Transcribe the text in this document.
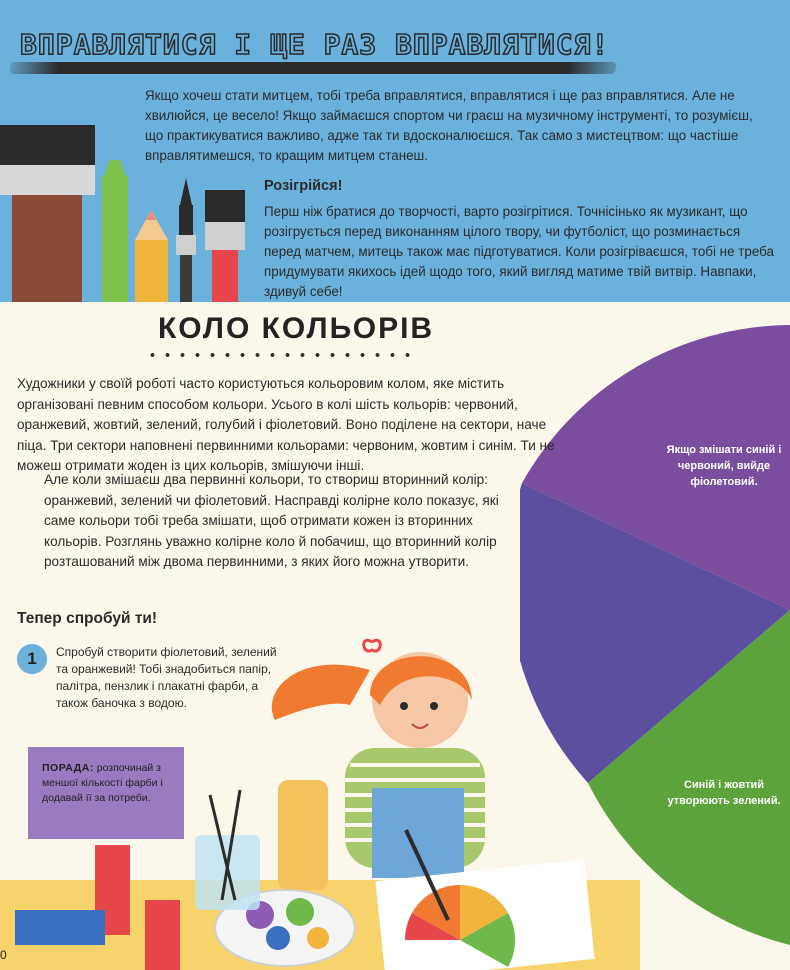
ВПРАВЛЯТИСЯ І ЩЕ РАЗ ВПРАВЛЯТИСЯ!

Якщо хочеш стати митцем, тобі треба вправлятися, вправлятися і ще раз вправлятися. Але не хвилюйся, це весело! Якщо займаєшся спортом чи граєш на музичному інструменті, то розумієш, що практикуватися важливо, адже так ти вдосконалюєшся. Так само з мистецтвом: що частіше вправлятимешся, то кращим митцем станеш.

Розігрійся!

Перш ніж братися до творчості, варто розігрітися. Точнісінько як музикант, що розігрується перед виконанням цілого твору, чи футболіст, що розминається перед матчем, митець також має підготуватися. Коли розігріваєшся, тобі не треба придумувати якихось ідей щодо того, який вигляд матиме твій витвір. Навпаки, здивуй себе!

Якщо змішати синій і червоний, вийде фіолетовий.
Синій і жовтий утворюють зелений.
КОЛО КОЛЬОРІВ

Художники у своїй роботі часто користуються кольоровим колом, яке містить організовані певним способом кольори. Усього в колі шість кольорів: червоний, оранжевий, жовтий, зелений, голубий і фіолетовий. Воно поділене на сектори, наче піца. Три сектори наповнені первинними кольорами: червоним, жовтим і синім. Ти не можеш отримати жоден із цих кольорів, змішуючи інші.

Але коли змішаєш два первинні кольори, то створиш вторинний колір: оранжевий, зелений чи фіолетовий. Насправді колірне коло показує, які саме кольори тобі треба змішати, щоб отримати кожен із вторинних кольорів. Розглянь уважно колірне коло й побачиш, що вторинний колір розташований між двома первинними, з яких його можна утворити.

Тепер спробуй ти!
1	Спробуй створити фіолетовий, зелений та оранжевий! Тобі знадобиться папір, палітра, пензлик і плакатні фарби, а також баночка з водою.

ПОРАДА: розпочинай з меншої кількості фарби і додавай її за потреби.
0
